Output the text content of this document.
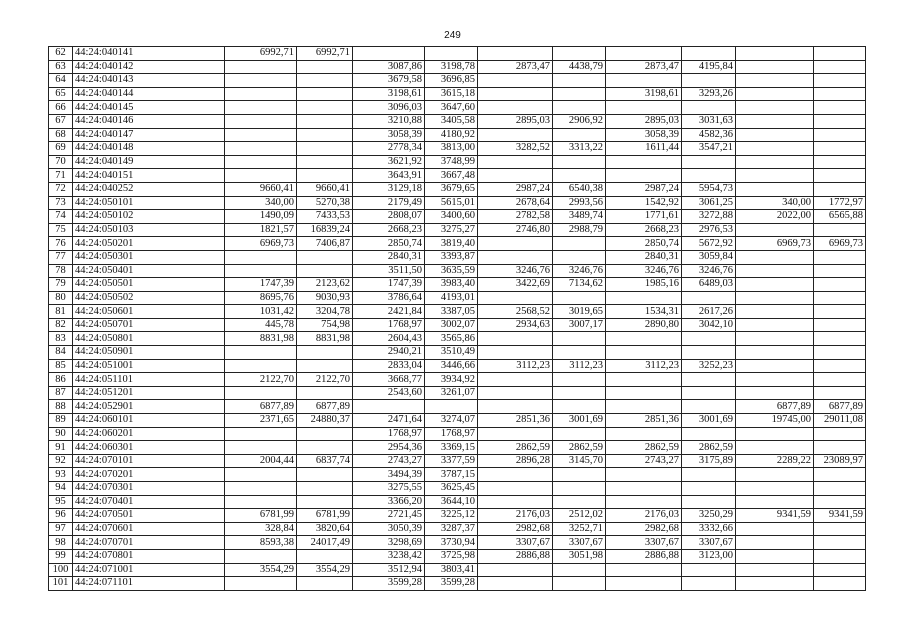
249
62	44:24:040141	6992,71	6992,71								
63	44:24:040142			3087,86	3198,78	2873,47	4438,79	2873,47	4195,84		
64	44:24:040143			3679,58	3696,85						
65	44:24:040144			3198,61	3615,18			3198,61	3293,26		
66	44:24:040145			3096,03	3647,60						
67	44:24:040146			3210,88	3405,58	2895,03	2906,92	2895,03	3031,63		
68	44:24:040147			3058,39	4180,92			3058,39	4582,36		
69	44:24:040148			2778,34	3813,00	3282,52	3313,22	1611,44	3547,21		
70	44:24:040149			3621,92	3748,99						
71	44:24:040151			3643,91	3667,48						
72	44:24:040252	9660,41	9660,41	3129,18	3679,65	2987,24	6540,38	2987,24	5954,73		
73	44:24:050101	340,00	5270,38	2179,49	5615,01	2678,64	2993,56	1542,92	3061,25	340,00	1772,97
74	44:24:050102	1490,09	7433,53	2808,07	3400,60	2782,58	3489,74	1771,61	3272,88	2022,00	6565,88
75	44:24:050103	1821,57	16839,24	2668,23	3275,27	2746,80	2988,79	2668,23	2976,53		
76	44:24:050201	6969,73	7406,87	2850,74	3819,40			2850,74	5672,92	6969,73	6969,73
77	44:24:050301			2840,31	3393,87			2840,31	3059,84		
78	44:24:050401			3511,50	3635,59	3246,76	3246,76	3246,76	3246,76		
79	44:24:050501	1747,39	2123,62	1747,39	3983,40	3422,69	7134,62	1985,16	6489,03		
80	44:24:050502	8695,76	9030,93	3786,64	4193,01						
81	44:24:050601	1031,42	3204,78	2421,84	3387,05	2568,52	3019,65	1534,31	2617,26		
82	44:24:050701	445,78	754,98	1768,97	3002,07	2934,63	3007,17	2890,80	3042,10		
83	44:24:050801	8831,98	8831,98	2604,43	3565,86						
84	44:24:050901			2940,21	3510,49						
85	44:24:051001			2833,04	3446,66	3112,23	3112,23	3112,23	3252,23		
86	44:24:051101	2122,70	2122,70	3668,77	3934,92						
87	44:24:051201			2543,60	3261,07						
88	44:24:052901	6877,89	6877,89							6877,89	6877,89
89	44:24:060101	2371,65	24880,37	2471,64	3274,07	2851,36	3001,69	2851,36	3001,69	19745,00	29011,08
90	44:24:060201			1768,97	1768,97						
91	44:24:060301			2954,36	3369,15	2862,59	2862,59	2862,59	2862,59		
92	44:24:070101	2004,44	6837,74	2743,27	3377,59	2896,28	3145,70	2743,27	3175,89	2289,22	23089,97
93	44:24:070201			3494,39	3787,15						
94	44:24:070301			3275,55	3625,45						
95	44:24:070401			3366,20	3644,10						
96	44:24:070501	6781,99	6781,99	2721,45	3225,12	2176,03	2512,02	2176,03	3250,29	9341,59	9341,59
97	44:24:070601	328,84	3820,64	3050,39	3287,37	2982,68	3252,71	2982,68	3332,66		
98	44:24:070701	8593,38	24017,49	3298,69	3730,94	3307,67	3307,67	3307,67	3307,67		
99	44:24:070801			3238,42	3725,98	2886,88	3051,98	2886,88	3123,00		
100	44:24:071001	3554,29	3554,29	3512,94	3803,41						
101	44:24:071101			3599,28	3599,28						
